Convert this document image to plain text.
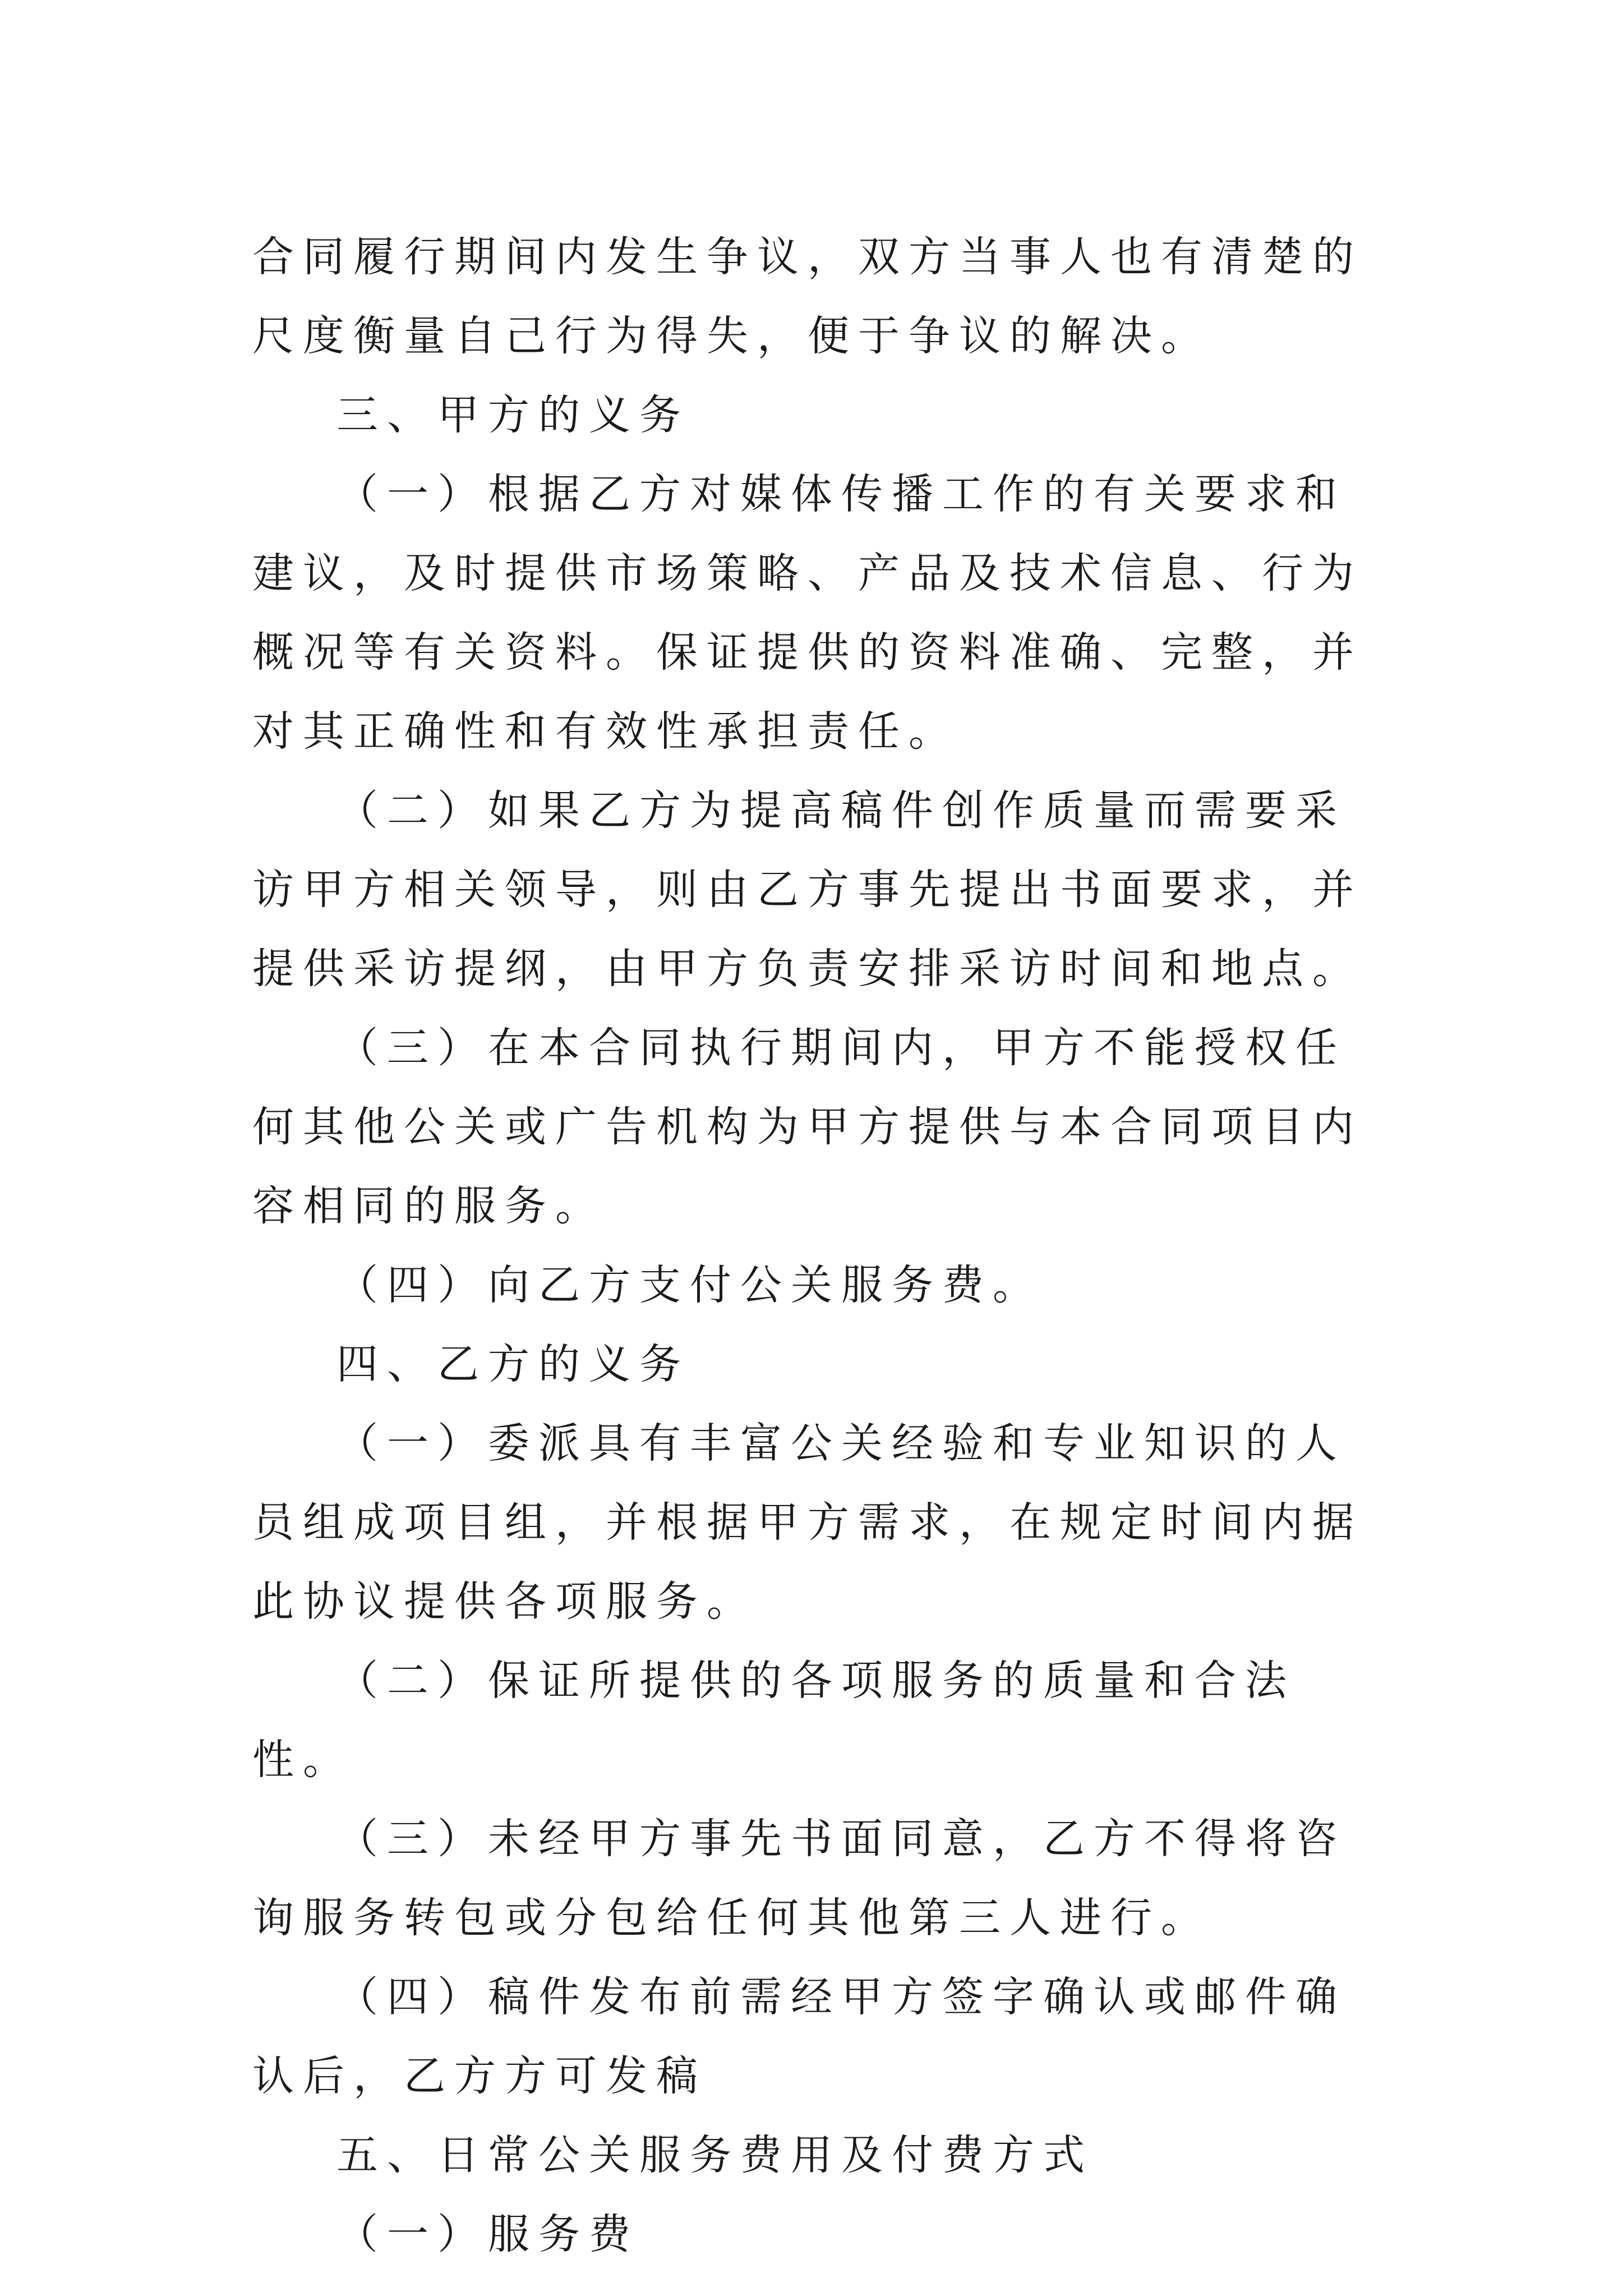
合同履行期间内发生争议，双方当事人也有清楚的尺度衡量自己行为得失，便于争议的解决。

三、甲方的义务

（一）根据乙方对媒体传播工作的有关要求和建议，及时提供市场策略、产品及技术信息、行为概况等有关资料。保证提供的资料准确、完整，并对其正确性和有效性承担责任。

（二）如果乙方为提高稿件创作质量而需要采访甲方相关领导，则由乙方事先提出书面要求，并提供采访提纲，由甲方负责安排采访时间和地点。

（三）在本合同执行期间内，甲方不能授权任何其他公关或广告机构为甲方提供与本合同项目内容相同的服务。

（四）向乙方支付公关服务费。

四、乙方的义务

（一）委派具有丰富公关经验和专业知识的人员组成项目组，并根据甲方需求，在规定时间内据此协议提供各项服务。

（二）保证所提供的各项服务的质量和合法性。

（三）未经甲方事先书面同意，乙方不得将咨询服务转包或分包给任何其他第三人进行。

（四）稿件发布前需经甲方签字确认或邮件确认后，乙方方可发稿

五、日常公关服务费用及付费方式

（一）服务费
